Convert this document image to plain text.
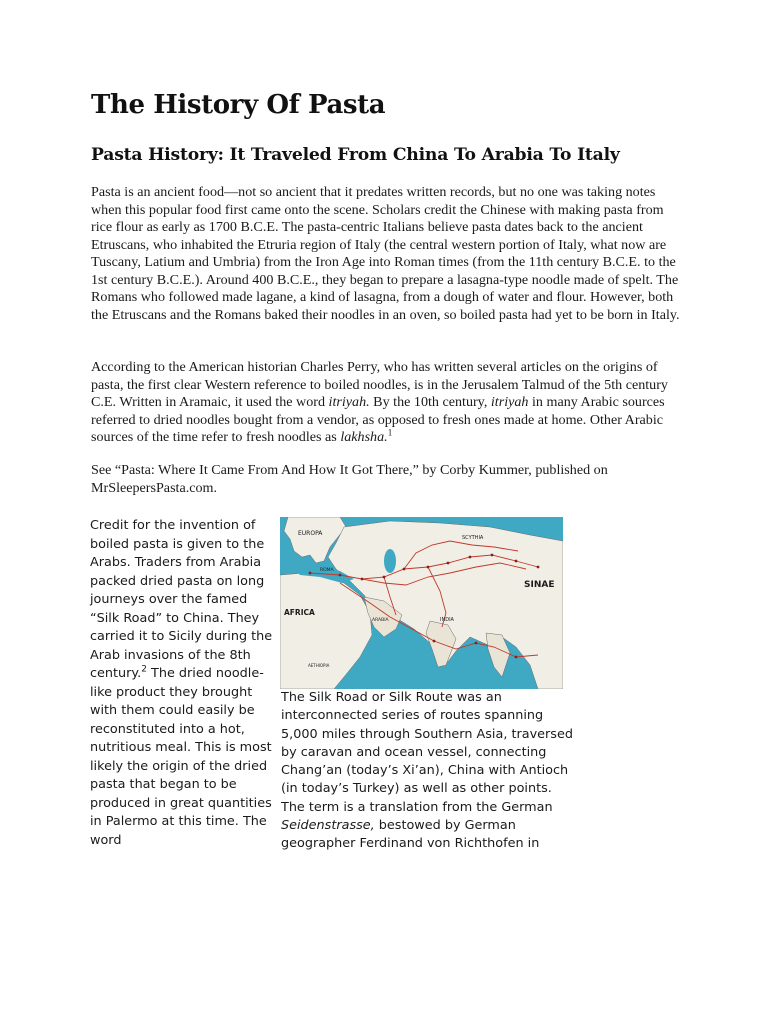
The History Of Pasta
Pasta History: It Traveled From China To Arabia To Italy

Pasta is an ancient food—not so ancient that it predates written records, but no one was taking notes when this popular food first came onto the scene. Scholars credit the Chinese with making pasta from rice flour as early as 1700 B.C.E. The pasta-centric Italians believe pasta dates back to the ancient Etruscans, who inhabited the Etruria region of Italy (the central western portion of Italy, what now are Tuscany, Latium and Umbria) from the Iron Age into Roman times (from the 11th century B.C.E. to the 1st century B.C.E.). Around 400 B.C.E., they began to prepare a lasagna-type noodle made of spelt. The Romans who followed made lagane, a kind of lasagna, from a dough of water and flour. However, both the Etruscans and the Romans baked their noodles in an oven, so boiled pasta had yet to be born in Italy.

According to the American historian Charles Perry, who has written several articles on the origins of pasta, the first clear Western reference to boiled noodles, is in the Jerusalem Talmud of the 5th century C.E. Written in Aramaic, it used the word itriyah. By the 10th century, itriyah in many Arabic sources referred to dried noodles bought from a vendor, as opposed to fresh ones made at home. Other Arabic sources of the time refer to fresh noodles as lakhsha.$^1$

See “Pasta: Where It Came From And How It Got There,” by Corby Kummer, published on MrSleepersPasta.com.

Credit for the invention of boiled pasta is given to the Arabs. Traders from Arabia packed dried pasta on long journeys over the famed “Silk Road” to China. They carried it to Sicily during the Arab invasions of the 8th century.$^2$ The dried noodle-like product they brought with them could easily be reconstituted into a hot, nutritious meal. This is most likely the origin of the dried pasta that began to be produced in great quantities in Palermo at this time. The word

EUROPA
AFRICA
SINAE
SCYTHIA
INDIA
ARABIA
ROMA
AETHIOPIA

The Silk Road or Silk Route was an interconnected series of routes spanning 5,000 miles through Southern Asia, traversed by caravan and ocean vessel, connecting Chang’an (today’s Xi’an), China with Antioch (in today’s Turkey) as well as other points. The term is a translation from the German Seidenstrasse, bestowed by German geographer Ferdinand von Richthofen in
